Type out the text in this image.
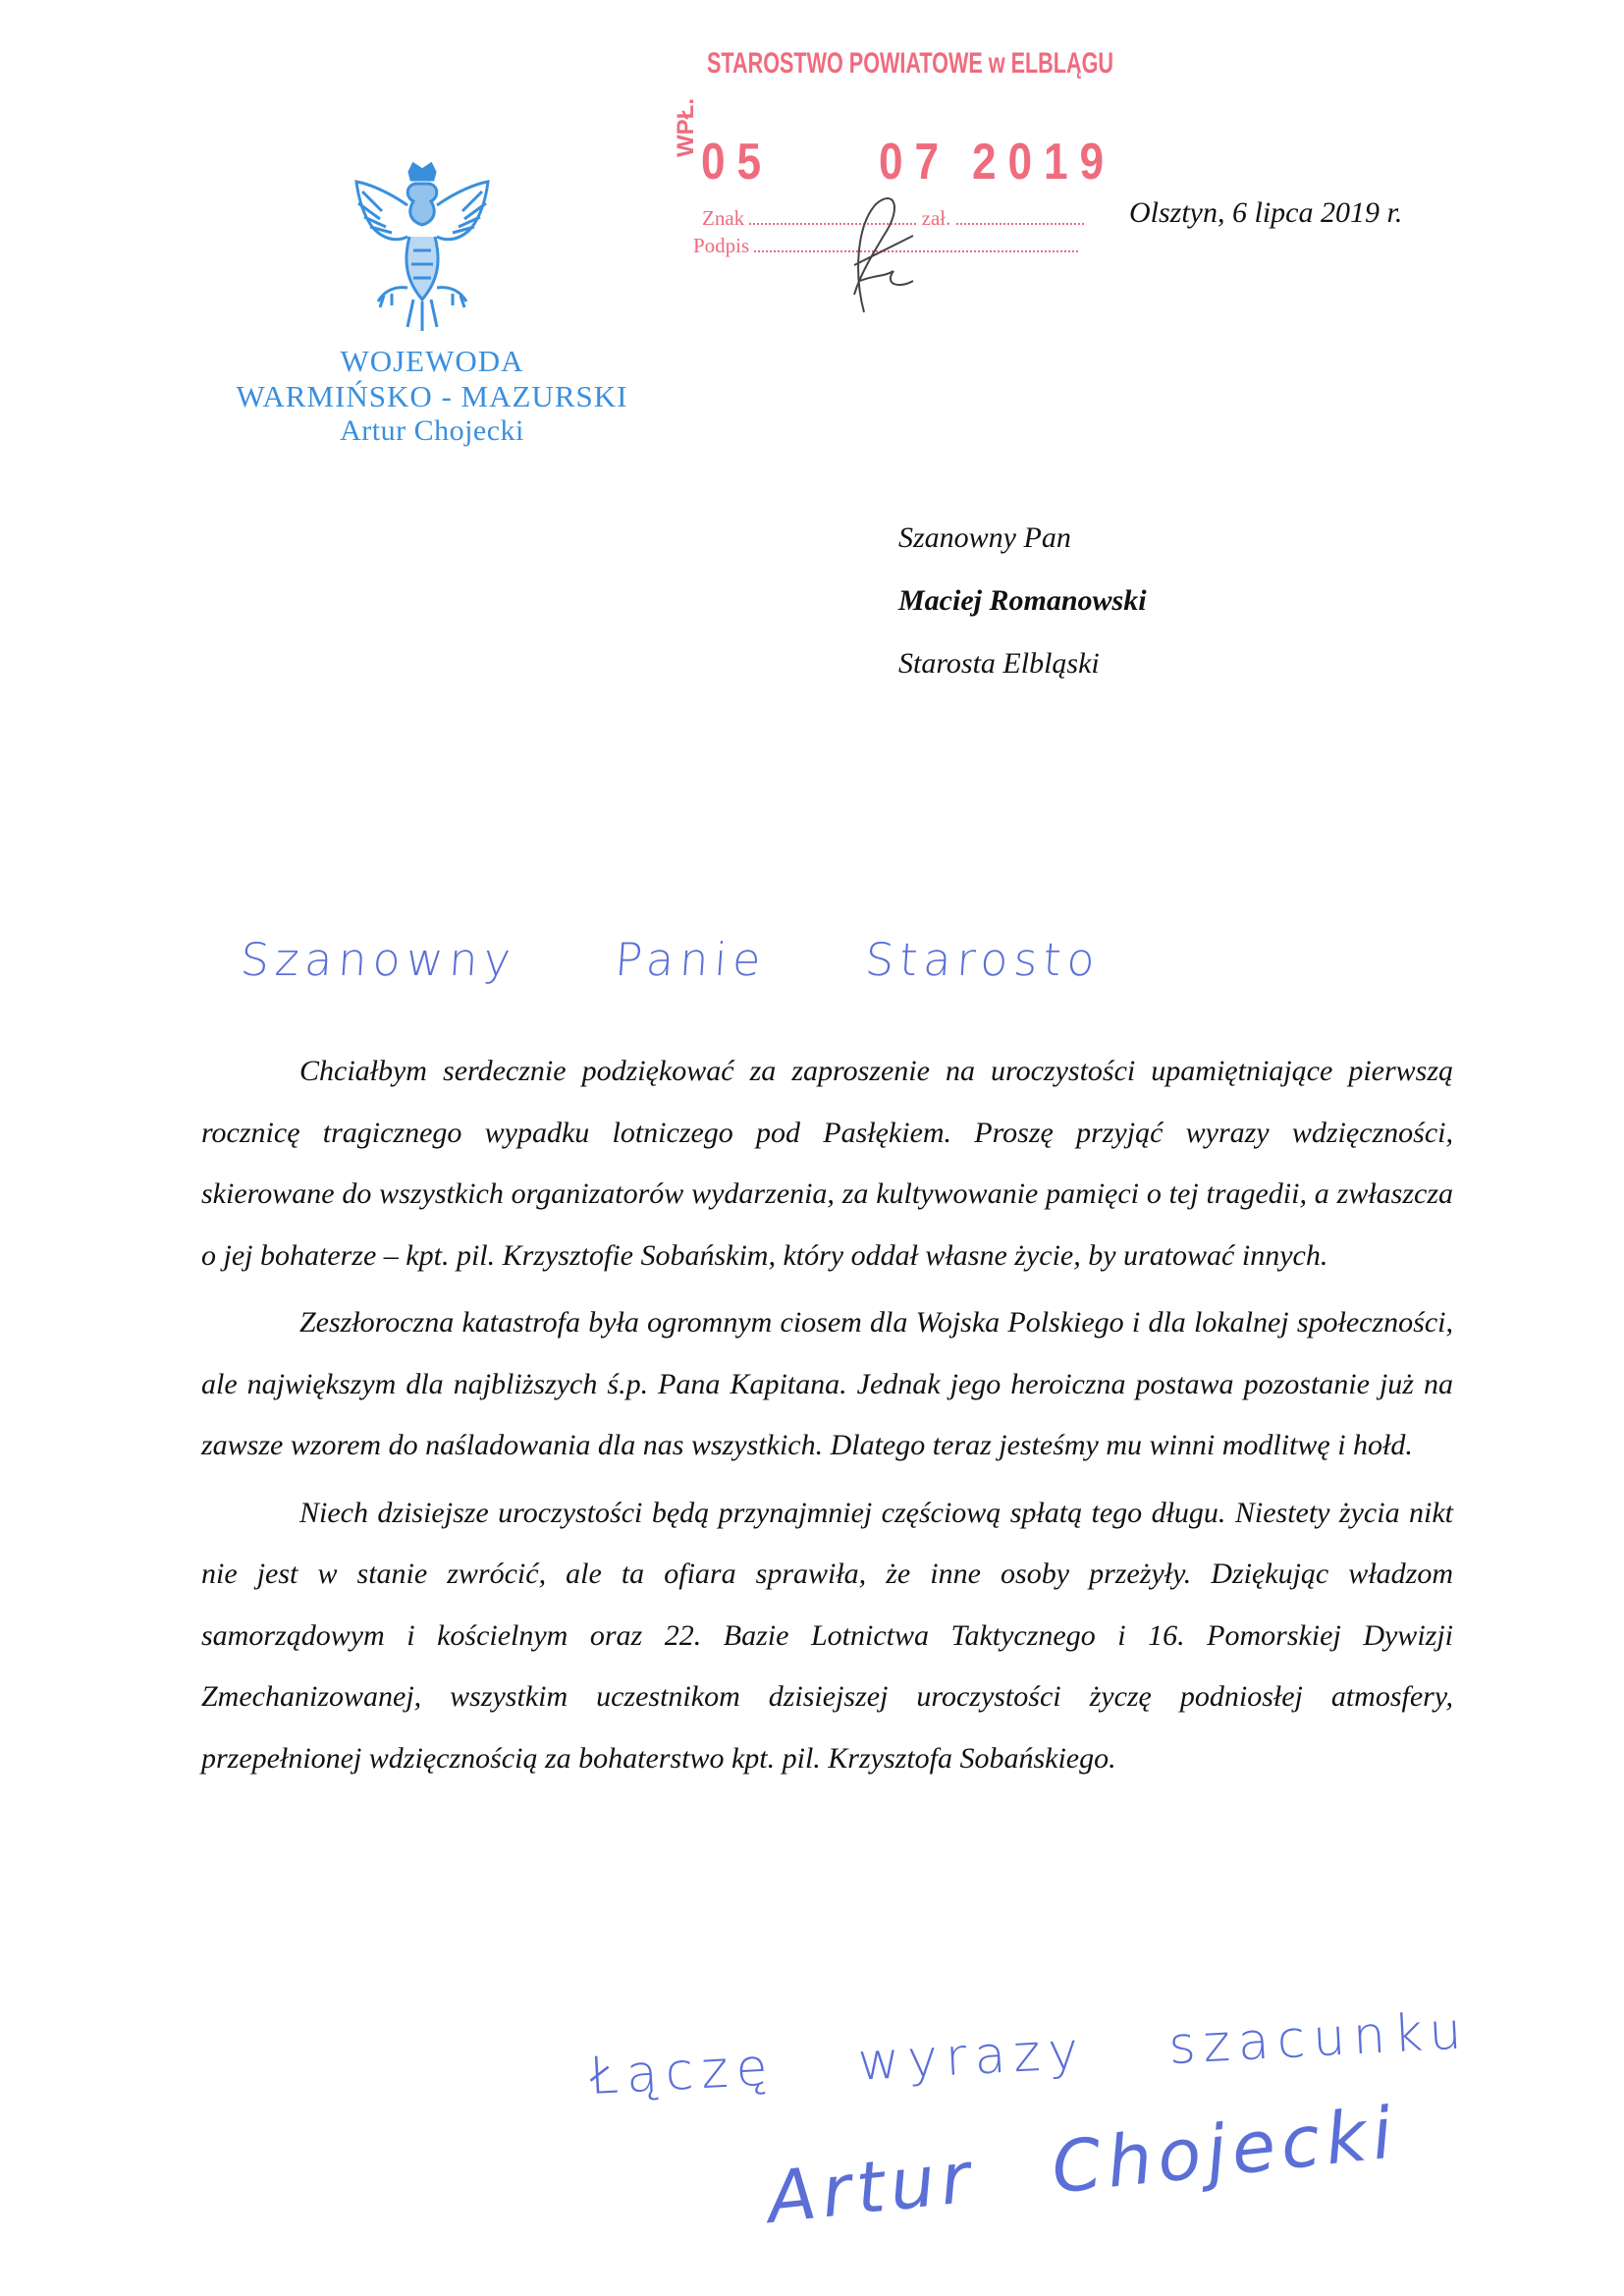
WOJEWODA
WARMIŃSKO - MAZURSKI
Artur Chojecki
STAROSTWO POWIATOWE w ELBLĄGU
WPŁ.
05 07 2019
Znak	zał.
Podpis
Olsztyn, 6 lipca 2019 r.
Szanowny Pan
Maciej Romanowski
Starosta Elbląski
Szanowny Panie Starosto

Chciałbym serdecznie podziękować za zaproszenie na uroczystości upamiętniające pierwszą rocznicę tragicznego wypadku lotniczego pod Pasłękiem. Proszę przyjąć wyrazy wdzięczności, skierowane do wszystkich organizatorów wydarzenia, za kultywowanie pamięci o tej tragedii, a zwłaszcza o jej bohaterze – kpt. pil. Krzysztofie Sobańskim, który oddał własne życie, by uratować innych.

Zeszłoroczna katastrofa była ogromnym ciosem dla Wojska Polskiego i dla lokalnej społeczności, ale największym dla najbliższych ś.p. Pana Kapitana. Jednak jego heroiczna postawa pozostanie już na zawsze wzorem do naśladowania dla nas wszystkich. Dlatego teraz jesteśmy mu winni modlitwę i hołd.

Niech dzisiejsze uroczystości będą przynajmniej częściową spłatą tego długu. Niestety życia nikt nie jest w stanie zwrócić, ale ta ofiara sprawiła, że inne osoby przeżyły. Dziękując władzom samorządowym i kościelnym oraz 22. Bazie Lotnictwa Taktycznego i 16. Pomorskiej Dywizji Zmechanizowanej, wszystkim uczestnikom dzisiejszej uroczystości życzę podniosłej atmosfery, przepełnionej wdzięcznością za bohaterstwo kpt. pil. Krzysztofa Sobańskiego.

Łączę wyrazy szacunku
Artur Chojecki
